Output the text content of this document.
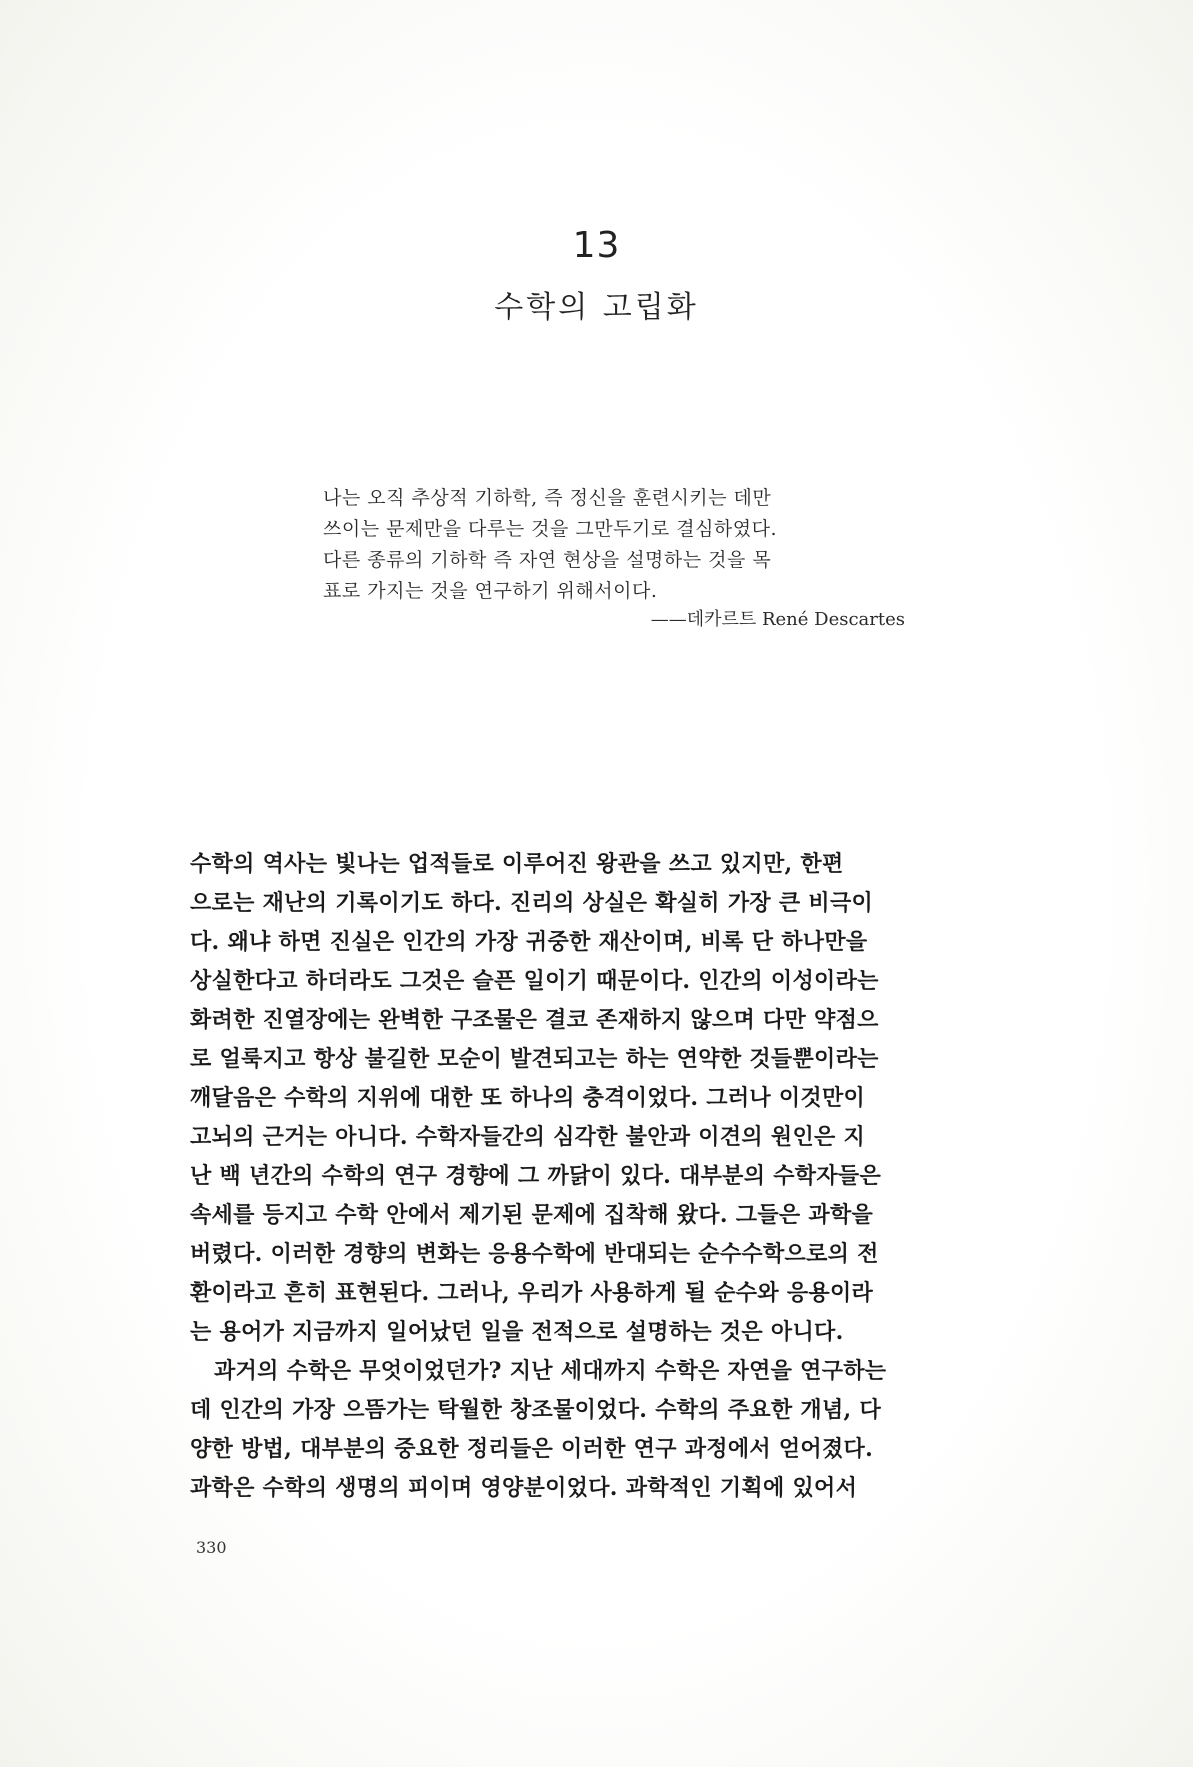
13
수학의 고립화
나는 오직 추상적 기하학, 즉 정신을 훈련시키는 데만
쓰이는 문제만을 다루는 것을 그만두기로 결심하였다.
다른 종류의 기하학 즉 자연 현상을 설명하는 것을 목
표로 가지는 것을 연구하기 위해서이다.
——데카르트 René Descartes
수학의 역사는 빛나는 업적들로 이루어진 왕관을 쓰고 있지만, 한편
으로는 재난의 기록이기도 하다. 진리의 상실은 확실히 가장 큰 비극이
다. 왜냐 하면 진실은 인간의 가장 귀중한 재산이며, 비록 단 하나만을
상실한다고 하더라도 그것은 슬픈 일이기 때문이다. 인간의 이성이라는
화려한 진열장에는 완벽한 구조물은 결코 존재하지 않으며 다만 약점으
로 얼룩지고 항상 불길한 모순이 발견되고는 하는 연약한 것들뿐이라는
깨달음은 수학의 지위에 대한 또 하나의 충격이었다. 그러나 이것만이
고뇌의 근거는 아니다. 수학자들간의 심각한 불안과 이견의 원인은 지
난 백 년간의 수학의 연구 경향에 그 까닭이 있다. 대부분의 수학자들은
속세를 등지고 수학 안에서 제기된 문제에 집착해 왔다. 그들은 과학을
버렸다. 이러한 경향의 변화는 응용수학에 반대되는 순수수학으로의 전
환이라고 흔히 표현된다. 그러나, 우리가 사용하게 될 순수와 응용이라
는 용어가 지금까지 일어났던 일을 전적으로 설명하는 것은 아니다.
과거의 수학은 무엇이었던가? 지난 세대까지 수학은 자연을 연구하는
데 인간의 가장 으뜸가는 탁월한 창조물이었다. 수학의 주요한 개념, 다
양한 방법, 대부분의 중요한 정리들은 이러한 연구 과정에서 얻어졌다.
과학은 수학의 생명의 피이며 영양분이었다. 과학적인 기획에 있어서
330
